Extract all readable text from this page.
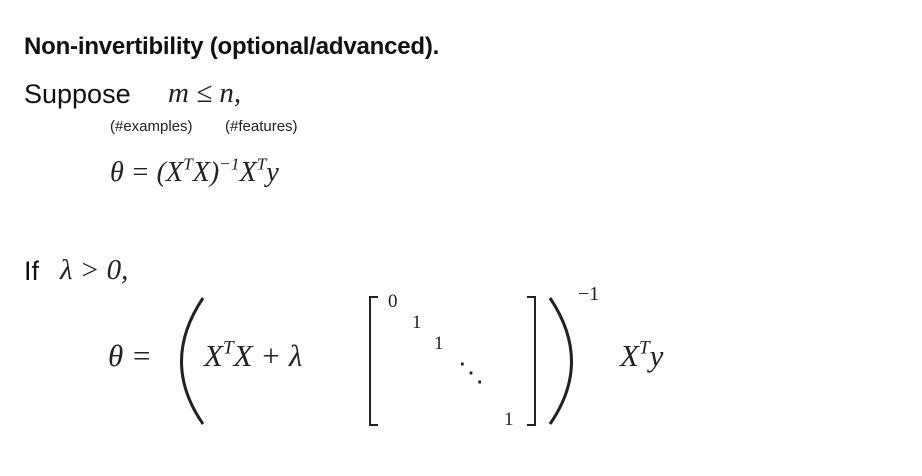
Non-invertibility (optional/advanced).
Suppose m ≤ n,
(#examples) (#features)
$\theta = (X^TX)^{-1}X^Ty$
If λ > 0,
$\theta = X^TX + \lambda$
0
1
1
⋱
1
−1
$X^Ty$
